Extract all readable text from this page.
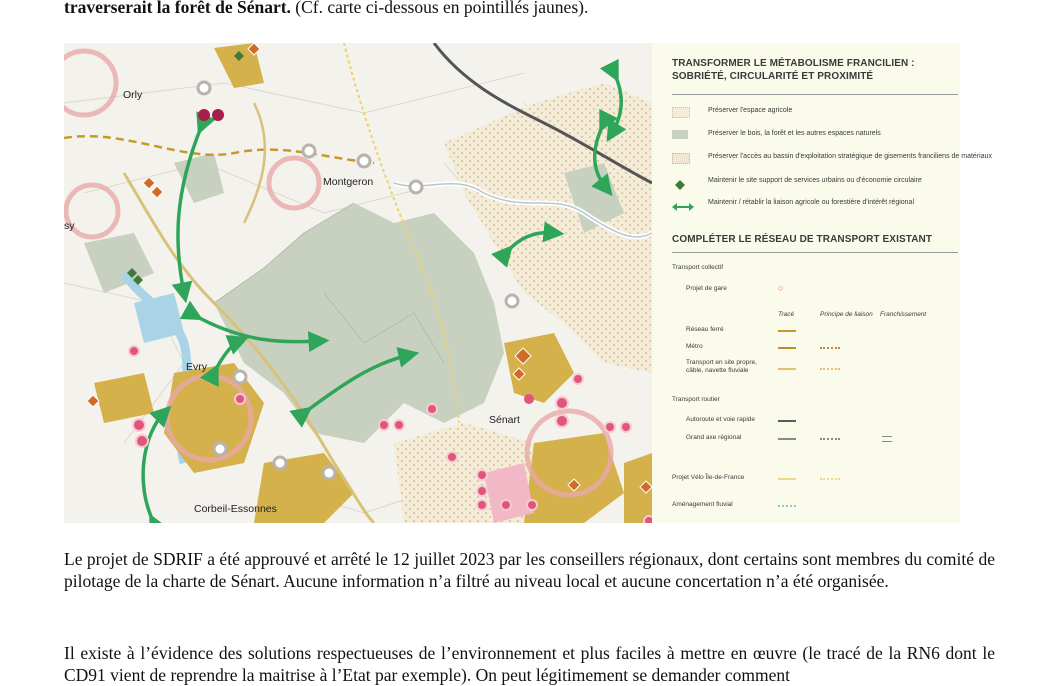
traverserait la forêt de Sénart. (Cf. carte ci-dessous en pointillés jaunes).
Orly
Montgeron
sy
Evry
Sénart
Corbeil-Essonnes
TRANSFORMER LE MÉTABOLISME FRANCILIEN : SOBRIÉTÉ, CIRCULARITÉ ET PROXIMITÉ
Préserver l'espace agricole
Préserver le bois, la forêt et les autres espaces naturels
Préserver l'accès au bassin d'exploitation stratégique de gisements franciliens de matériaux
Maintenir le site support de services urbains ou d'économie circulaire
Maintenir / rétablir la liaison agricole ou forestière d'intérêt régional
COMPLÉTER LE RÉSEAU DE TRANSPORT EXISTANT
Transport collectif
Projet de gare	○
Tracé	Principe de liaison Franchissement
Réseau ferré
Métro
Transport en site propre, câble, navette fluviale
Transport routier
Autoroute et voie rapide
Grand axe régional
Projet Vélo Île-de-France
Aménagement fluvial

Le projet de SDRIF a été approuvé et arrêté le 12 juillet 2023 par les conseillers régionaux, dont certains sont membres du comité de pilotage de la charte de Sénart. Aucune information n’a filtré au niveau local et aucune concertation n’a été organisée.

Il existe à l’évidence des solutions respectueuses de l’environnement et plus faciles à mettre en œuvre (le tracé de la RN6 dont le CD91 vient de reprendre la maitrise à l’Etat par exemple). On peut légitimement se demander comment
